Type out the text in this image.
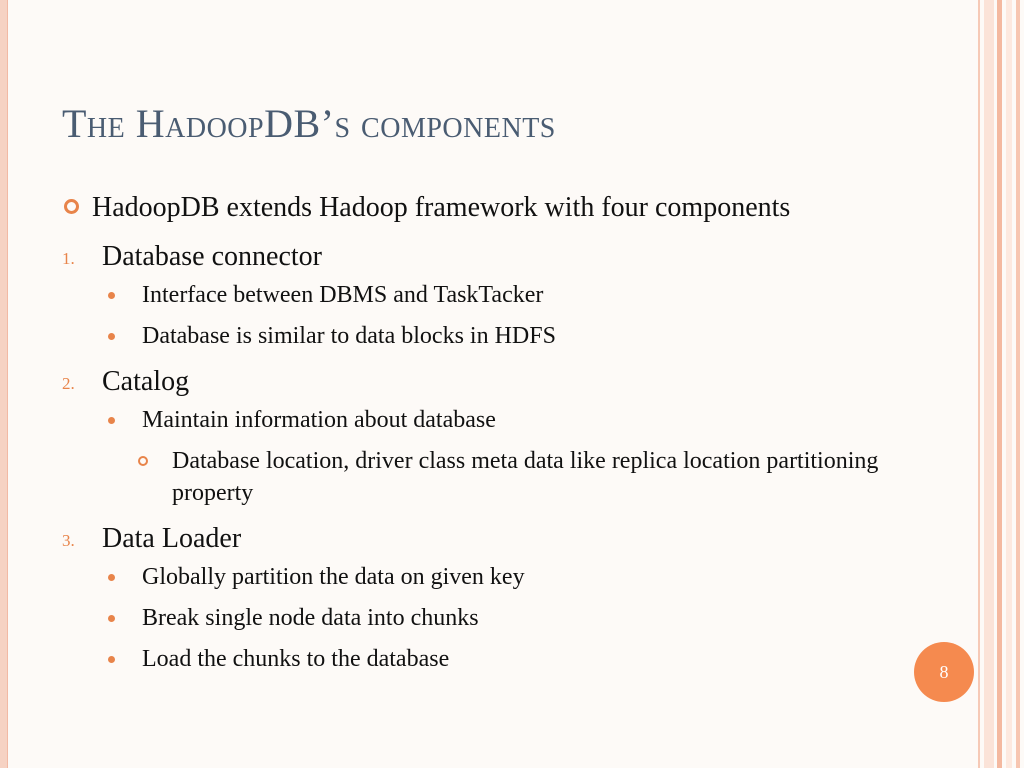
The HadoopDB’s components
HadoopDB extends Hadoop framework with four components
1. Database connector
Interface between DBMS and TaskTacker
Database is similar to data blocks in HDFS
2. Catalog
Maintain information about database
Database location, driver class meta data like replica location partitioning property
3. Data Loader
Globally partition the data on given key
Break single node data into chunks
Load the chunks to the database	8
